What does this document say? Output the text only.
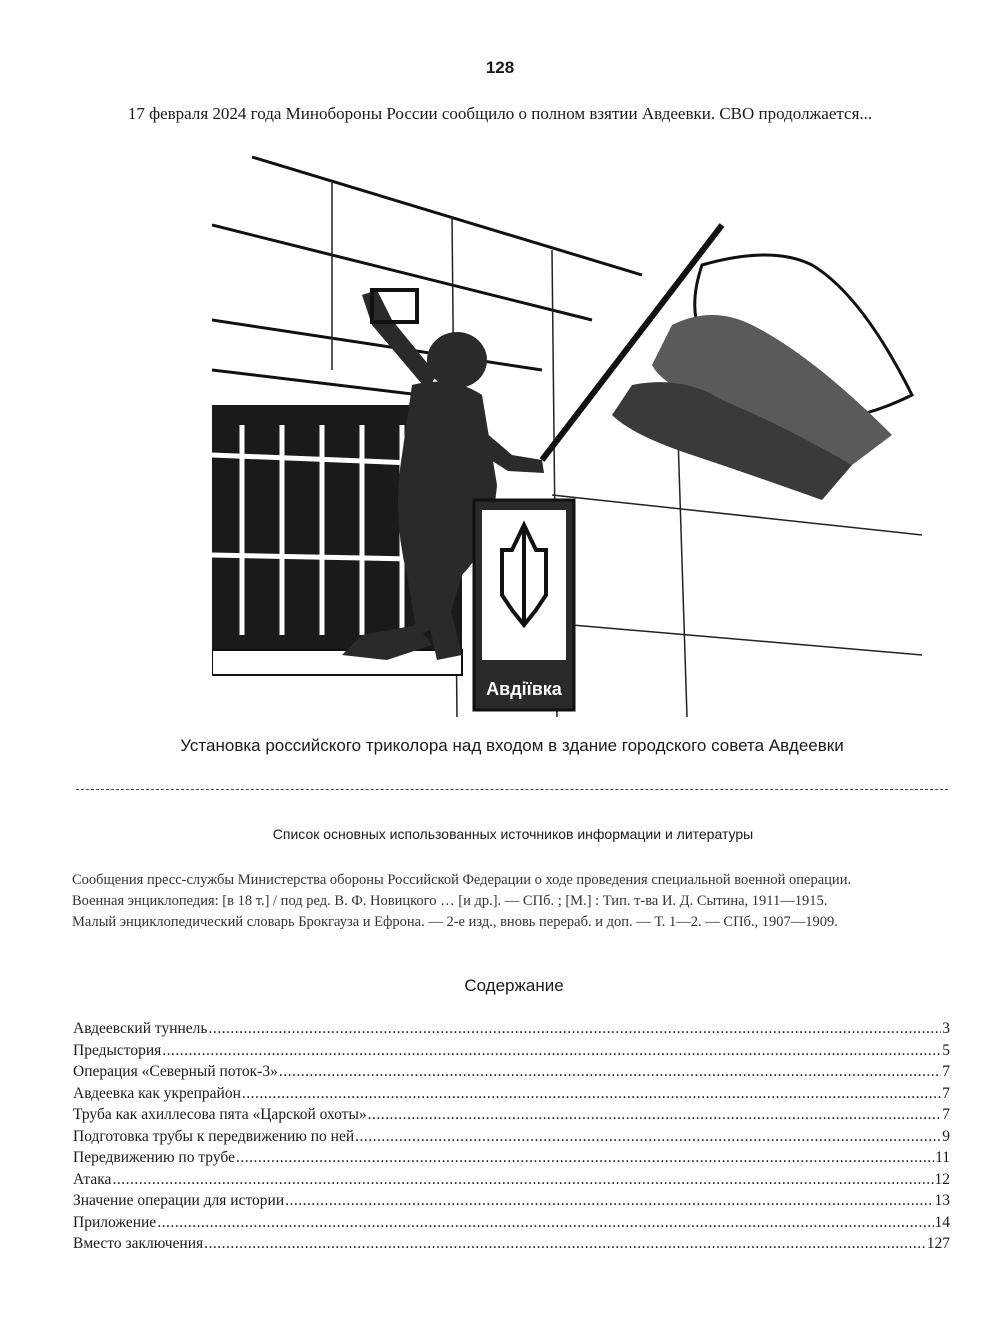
128
17 февраля 2024 года Минобороны России сообщило о полном взятии Авдеевки. СВО продолжается...
Авдіївка
Установка российского триколора над входом в здание городского совета Авдеевки
Список основных использованных источников информации и литературы
Сообщения пресс-службы Министерства обороны Российской Федерации о ходе проведения специальной военной операции.
Военная энциклопедия: [в 18 т.] / под ред. В. Ф. Новицкого … [и др.]. — СПб. ; [М.] : Тип. т-ва И. Д. Сытина, 1911—1915.
Малый энциклопедический словарь Брокгауза и Ефрона. — 2-е изд., вновь перераб. и доп. — Т. 1—2. — СПб., 1907—1909.
Содержание
Авдеевский туннель .....	3
Предыстория .....	5
Операция «Северный поток-3» .....	7
Авдеевка как укрепрайон .....	7
Труба как ахиллесова пята «Царской охоты» .....	7
Подготовка трубы к передвижению по ней .....	9
Передвижению по трубе .....	11
Атака .....	12
Значение операции для истории .....	13
Приложение .....	14
Вместо заключения .....	127
